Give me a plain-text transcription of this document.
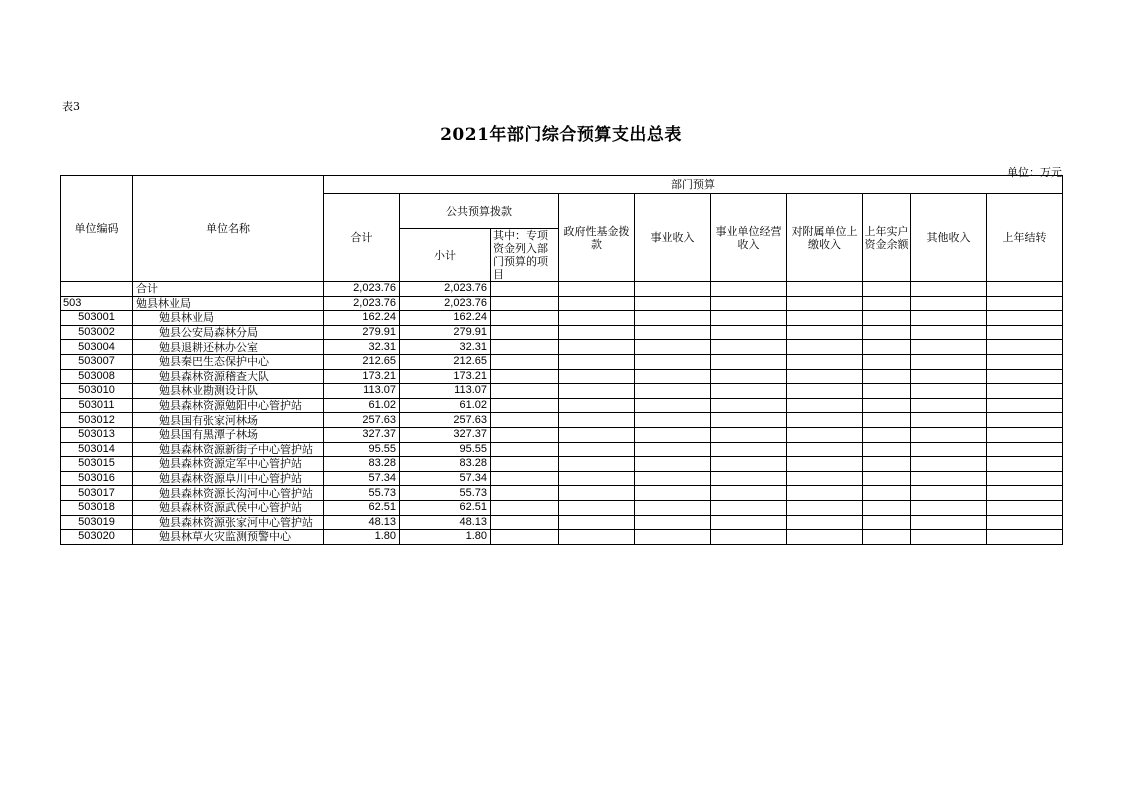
表3
2021年部门综合预算支出总表
单位：万元
单位编码	单位名称	部门预算									
		合计	公共预算拨款		政府性基金拨款	事业收入	事业单位经营收入	对附属单位上缴收入	上年实户资金余额	其他收入	上年结转
			小计	其中：专项资金列入部门预算的项目							
	合计	2,023.76	2,023.76								
503	勉县林业局	2,023.76	2,023.76								
503001	勉县林业局	162.24	162.24								
503002	勉县公安局森林分局	279.91	279.91								
503004	勉县退耕还林办公室	32.31	32.31								
503007	勉县秦巴生态保护中心	212.65	212.65								
503008	勉县森林资源稽查大队	173.21	173.21								
503010	勉县林业勘测设计队	113.07	113.07								
503011	勉县森林资源勉阳中心管护站	61.02	61.02								
503012	勉县国有张家河林场	257.63	257.63								
503013	勉县国有黑潭子林场	327.37	327.37								
503014	勉县森林资源新街子中心管护站	95.55	95.55								
503015	勉县森林资源定军中心管护站	83.28	83.28								
503016	勉县森林资源阜川中心管护站	57.34	57.34								
503017	勉县森林资源长沟河中心管护站	55.73	55.73								
503018	勉县森林资源武侯中心管护站	62.51	62.51								
503019	勉县森林资源张家河中心管护站	48.13	48.13								
503020	勉县林草火灾监测预警中心	1.80	1.80								
